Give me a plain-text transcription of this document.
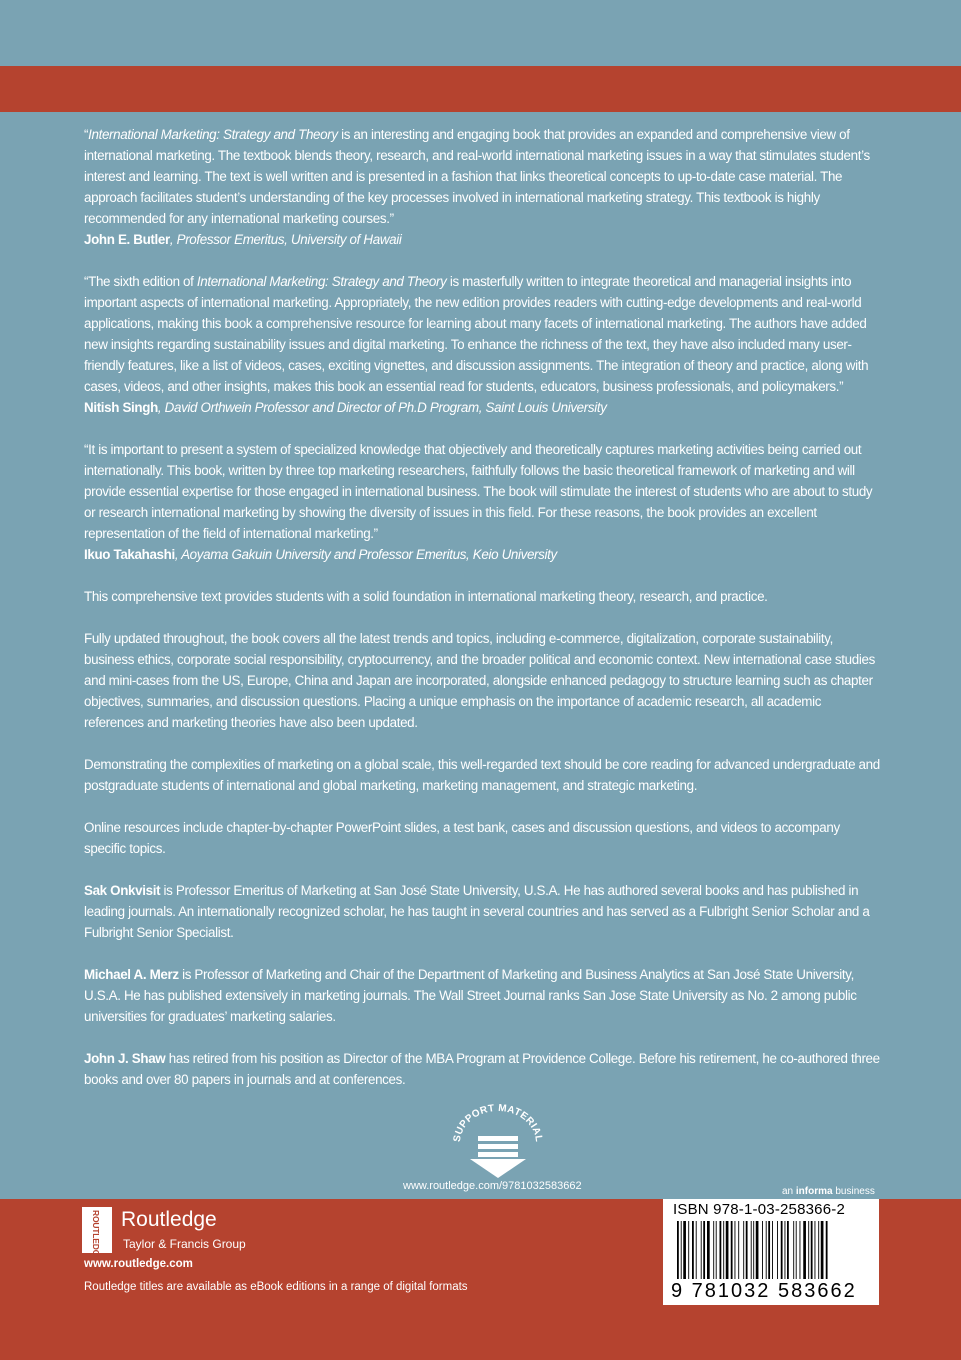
“International Marketing: Strategy and Theory is an interesting and engaging book that provides an expanded and comprehensive view of international marketing. The textbook blends theory, research, and real-world international marketing issues in a way that stimulates student’s interest and learning. The text is well written and is presented in a fashion that links theoretical concepts to up-to-date case material. The approach facilitates student’s understanding of the key processes involved in international marketing strategy. This textbook is highly recommended for any international marketing courses.”
John E. Butler, Professor Emeritus, University of Hawaii

“The sixth edition of International Marketing: Strategy and Theory is masterfully written to integrate theoretical and managerial insights into important aspects of international marketing. Appropriately, the new edition provides readers with cutting-edge developments and real-world applications, making this book a comprehensive resource for learning about many facets of international marketing. The authors have added new insights regarding sustainability issues and digital marketing. To enhance the richness of the text, they have also included many user-friendly features, like a list of videos, cases, exciting vignettes, and discussion assignments. The integration of theory and practice, along with cases, videos, and other insights, makes this book an essential read for students, educators, business professionals, and policymakers.”
Nitish Singh, David Orthwein Professor and Director of Ph.D Program, Saint Louis University

“It is important to present a system of specialized knowledge that objectively and theoretically captures marketing activities being carried out internationally. This book, written by three top marketing researchers, faithfully follows the basic theoretical framework of marketing and will provide essential expertise for those engaged in international business. The book will stimulate the interest of students who are about to study or research international marketing by showing the diversity of issues in this field. For these reasons, the book provides an excellent representation of the field of international marketing.”
Ikuo Takahashi, Aoyama Gakuin University and Professor Emeritus, Keio University

This comprehensive text provides students with a solid foundation in international marketing theory, research, and practice.

Fully updated throughout, the book covers all the latest trends and topics, including e-commerce, digitalization, corporate sustainability, business ethics, corporate social responsibility, cryptocurrency, and the broader political and economic context. New international case studies and mini-cases from the US, Europe, China and Japan are incorporated, alongside enhanced pedagogy to structure learning such as chapter objectives, summaries, and discussion questions. Placing a unique emphasis on the importance of academic research, all academic references and marketing theories have also been updated.

Demonstrating the complexities of marketing on a global scale, this well-regarded text should be core reading for advanced undergraduate and postgraduate students of international and global marketing, marketing management, and strategic marketing.

Online resources include chapter-by-chapter PowerPoint slides, a test bank, cases and discussion questions, and videos to accompany specific topics.

Sak Onkvisit is Professor Emeritus of Marketing at San José State University, U.S.A. He has authored several books and has published in leading journals. An internationally recognized scholar, he has taught in several countries and has served as a Fulbright Senior Scholar and a Fulbright Senior Specialist.

Michael A. Merz is Professor of Marketing and Chair of the Department of Marketing and Business Analytics at San José State University, U.S.A. He has published extensively in marketing journals. The Wall Street Journal ranks San Jose State University as No. 2 among public universities for graduates’ marketing salaries.

John J. Shaw has retired from his position as Director of the MBA Program at Providence College. Before his retirement, he co-authored three books and over 80 papers in journals and at conferences.

SUPPORT MATERIAL
www.routledge.com/9781032583662	an informa business
ROUTLEDGE Routledge
Taylor & Francis Group
www.routledge.com
Routledge titles are available as eBook editions in a range of digital formats
ISBN 978-1-03-258366-2
9 781032 583662
